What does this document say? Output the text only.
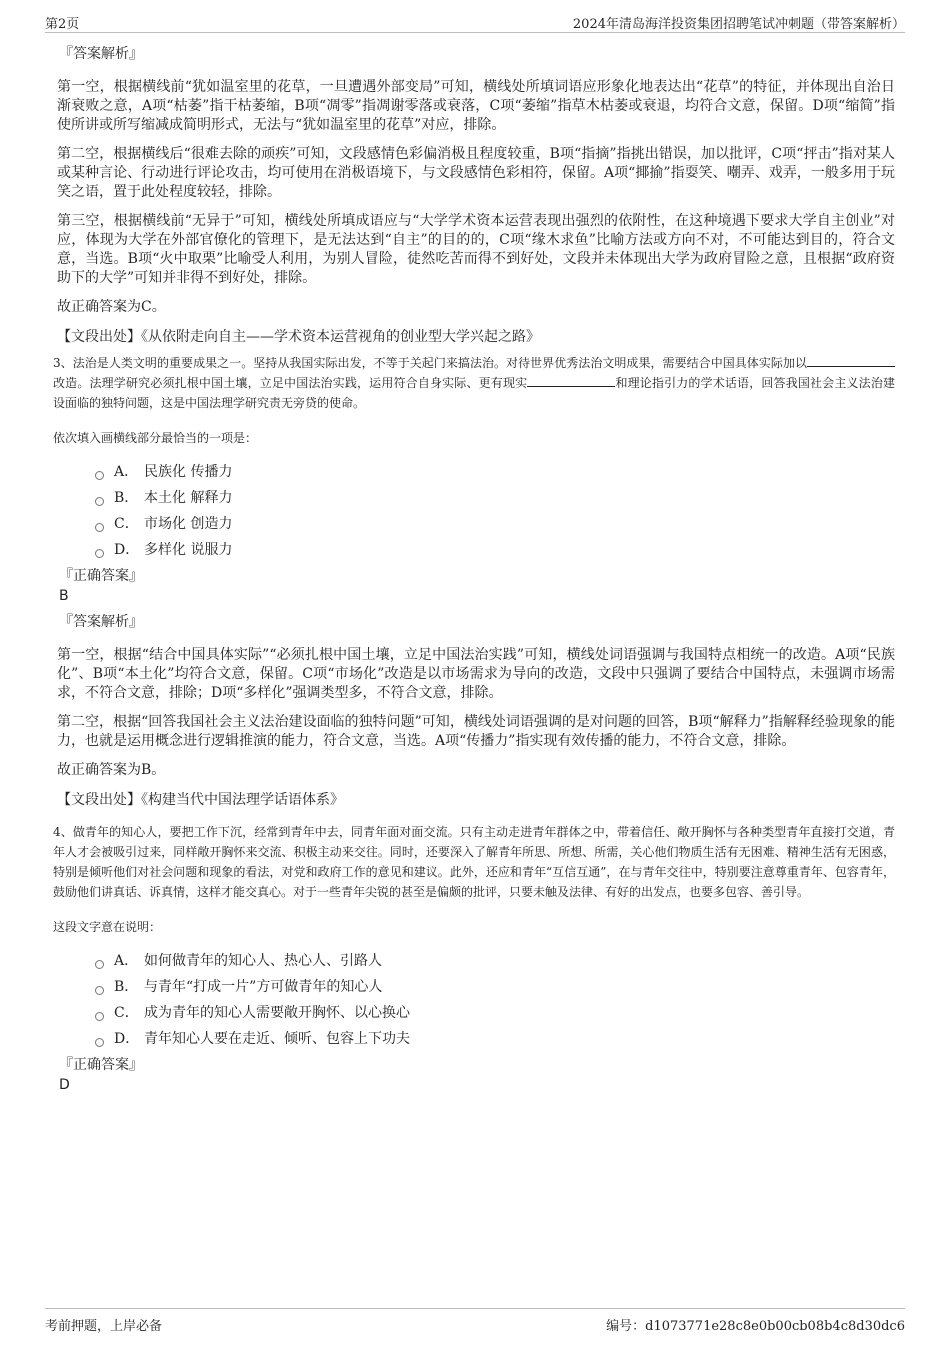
第2页	2024年清岛海洋投资集团招聘笔试冲刺题（带答案解析）
『答案解析』

第一空，根据横线前“犹如温室里的花草，一旦遭遇外部变局”可知，横线处所填词语应形象化地表达出“花草”的特征，并体现出自治日渐衰败之意，A项“枯萎”指干枯萎缩，B项“凋零”指凋谢零落或衰落，C项“萎缩”指草木枯萎或衰退，均符合文意，保留。D项“缩简”指使所讲或所写缩减成简明形式，无法与“犹如温室里的花草”对应，排除。

第二空，根据横线后“很难去除的顽疾”可知，文段感情色彩偏消极且程度较重，B项“指摘”指挑出错误，加以批评，C项“抨击”指对某人或某种言论、行动进行评论攻击，均可使用在消极语境下，与文段感情色彩相符，保留。A项“揶揄”指耍笑、嘲弄、戏弄，一般多用于玩笑之语，置于此处程度较轻，排除。

第三空，根据横线前“无异于”可知，横线处所填成语应与“大学学术资本运营表现出强烈的依附性，在这种境遇下要求大学自主创业”对应，体现为大学在外部官僚化的管理下，是无法达到“自主”的目的的，C项“缘木求鱼”比喻方法或方向不对，不可能达到目的，符合文意，当选。B项“火中取栗”比喻受人利用，为别人冒险，徒然吃苦而得不到好处，文段并未体现出大学为政府冒险之意，且根据“政府资助下的大学”可知并非得不到好处，排除。

故正确答案为C。

【文段出处】《从依附走向自主——学术资本运营视角的创业型大学兴起之路》

3、法治是人类文明的重要成果之一。坚持从我国实际出发，不等于关起门来搞法治。对待世界优秀法治文明成果，需要结合中国具体实际加以改造。法理学研究必须扎根中国土壤，立足中国法治实践，运用符合自身实际、更有现实	和理论指引力的学术话语，回答我国社会主义法治建设面临的独特问题，这是中国法理学研究责无旁贷的使命。

依次填入画横线部分最恰当的一项是：
A． 民族化 传播力
B． 本土化 解释力
C． 市场化 创造力
D． 多样化 说服力
『正确答案』
B
『答案解析』

第一空，根据“结合中国具体实际”“必须扎根中国土壤，立足中国法治实践”可知，横线处词语强调与我国特点相统一的改造。A项“民族化”、B项“本土化”均符合文意，保留。C项“市场化”改造是以市场需求为导向的改造，文段中只强调了要结合中国特点，未强调市场需求，不符合文意，排除；D项“多样化”强调类型多，不符合文意，排除。

第二空，根据“回答我国社会主义法治建设面临的独特问题”可知，横线处词语强调的是对问题的回答，B项“解释力”指解释经验现象的能力，也就是运用概念进行逻辑推演的能力，符合文意，当选。A项“传播力”指实现有效传播的能力，不符合文意，排除。

故正确答案为B。

【文段出处】《构建当代中国法理学话语体系》

4、做青年的知心人，要把工作下沉，经常到青年中去，同青年面对面交流。只有主动走进青年群体之中，带着信任、敞开胸怀与各种类型青年直接打交道，青年人才会被吸引过来，同样敞开胸怀来交流、积极主动来交往。同时，还要深入了解青年所思、所想、所需，关心他们物质生活有无困难、精神生活有无困惑，特别是倾听他们对社会问题和现象的看法，对党和政府工作的意见和建议。此外，还应和青年“互信互通”，在与青年交往中，特别要注意尊重青年、包容青年，鼓励他们讲真话、诉真情，这样才能交真心。对于一些青年尖锐的甚至是偏颇的批评，只要未触及法律、有好的出发点，也要多包容、善引导。

这段文字意在说明：
A． 如何做青年的知心人、热心人、引路人
B． 与青年“打成一片”方可做青年的知心人
C． 成为青年的知心人需要敞开胸怀、以心换心
D． 青年知心人要在走近、倾听、包容上下功夫
『正确答案』
D
考前押题，上岸必备	编号：d1073771e28c8e0b00cb08b4c8d30dc6
